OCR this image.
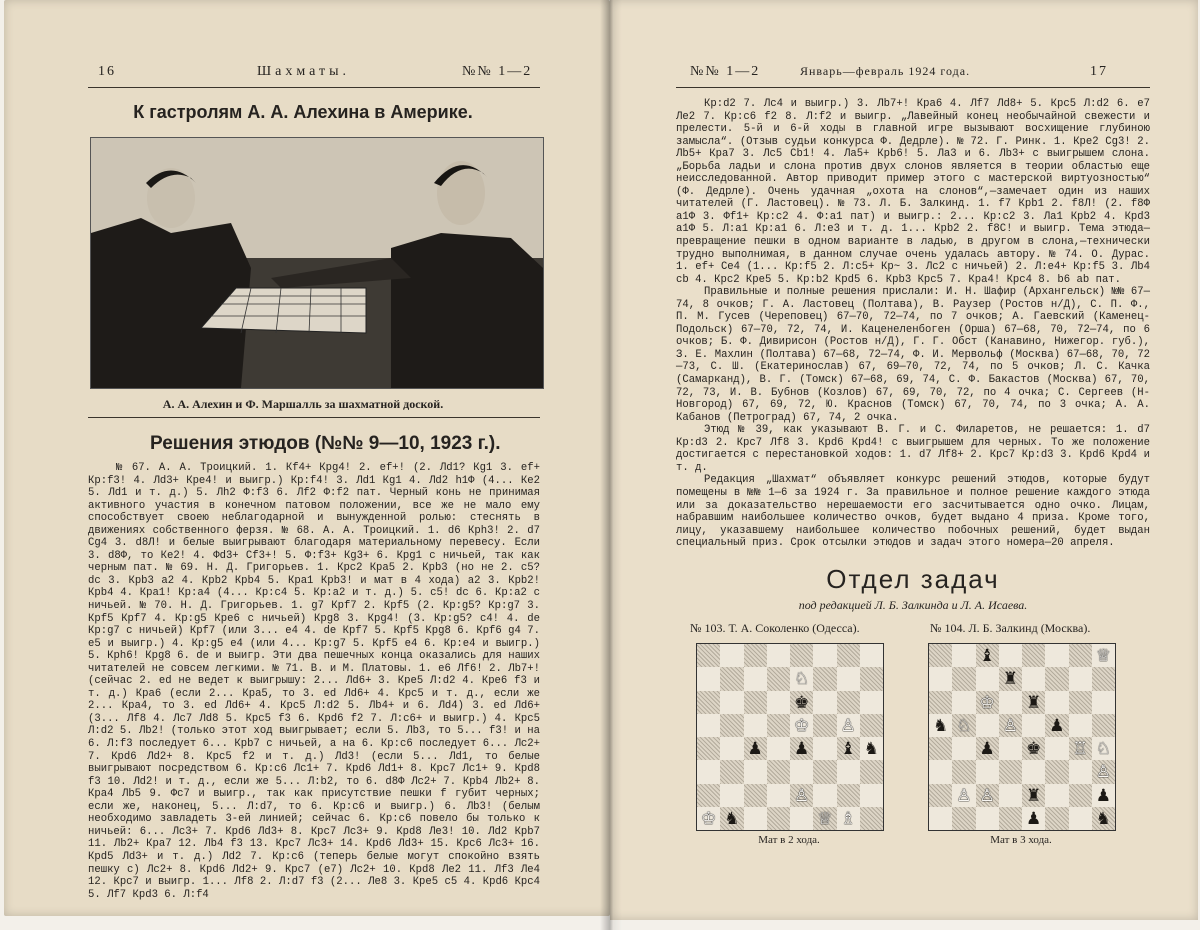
16	Шахматы.	№№ 1—2
К гастролям А. А. Алехина в Америке.
А. А. Алехин и Ф. Маршалль за шахматной доской.
Решения этюдов (№№ 9—10, 1923 г.).

№ 67. А. А. Троицкий. 1. Кf4+ Крg4! 2. ef+! (2. Лd1? Кg1 3. ef+ Кр:f3! 4. Лd3+ Крe4! и выигр.) Кр:f4! 3. Лd1 Кg1 4. Лd2 h1Ф (4... Кe2 5. Лd1 и т. д.) 5. Лh2 Ф:f3 6. Лf2 Ф:f2 пат. Черный конь не принимая активного участия в конечном патовом положении, все же не мало ему способствует своею неблагодарной и вынужденной ролью: стеснять в движениях собственного ферзя. № 68. А. А. Троицкий. 1. d6 Крh3! 2. d7 Сg4 3. d8Л! и белые выигрывают благодаря материальному перевесу. Если 3. d8Ф, то Кe2! 4. Фd3+ Сf3+! 5. Ф:f3+ Кg3+ 6. Крg1 с ничьей, так как черным пат. № 69. Н. Д. Григорьев. 1. Крc2 Крa5 2. Крb3 (но не 2. c5? dc 3. Крb3 a2 4. Крb2 Крb4 5. Крa1 Крb3! и мат в 4 хода) a2 3. Крb2! Крb4 4. Крa1! Кр:a4 (4... Кр:c4 5. Кр:a2 и т. д.) 5. c5! dc 6. Кр:a2 с ничьей. № 70. Н. Д. Григорьев. 1. g7 Крf7 2. Крf5 (2. Кр:g5? Кр:g7 3. Крf5 Крf7 4. Кр:g5 Крe6 с ничьей) Крg8 3. Крg4! (3. Кр:g5? c4! 4. de Кр:g7 с ничьей) Крf7 (или 3... e4 4. de Крf7 5. Крf5 Крg8 6. Крf6 g4 7. e5 и выигр.) 4. Кр:g5 e4 (или 4... Кр:g7 5. Крf5 e4 6. Кр:e4 и выигр.) 5. Крh6! Крg8 6. de и выигр. Эти два пешечных конца оказались для наших читателей не совсем легкими. № 71. В. и М. Платовы. 1. e6 Лf6! 2. Лb7+! (сейчас 2. ed не ведет к выигрышу: 2... Лd6+ 3. Крe5 Л:d2 4. Крe6 f3 и т. д.) Крa6 (если 2... Крa5, то 3. ed Лd6+ 4. Крc5 и т. д., если же 2... Крa4, то 3. ed Лd6+ 4. Крc5 Л:d2 5. Лb4+ и 6. Лd4) 3. ed Лd6+ (3... Лf8 4. Лc7 Лd8 5. Крc5 f3 6. Крd6 f2 7. Л:c6+ и выигр.) 4. Крc5 Л:d2 5. Лb2! (только этот ход выигрывает; если 5. Лb3, то 5... f3! и на 6. Л:f3 последует 6... Крb7 с ничьей, а на 6. Кр:c6 последует 6... Лc2+ 7. Крd6 Лd2+ 8. Крc5 f2 и т. д.) Лd3! (если 5... Лd1, то белые выигрывают посредством 6. Кр:c6 Лc1+ 7. Крd6 Лd1+ 8. Крc7 Лc1+ 9. Крd8 f3 10. Лd2! и т. д., если же 5... Л:b2, то 6. d8Ф Лc2+ 7. Крb4 Лb2+ 8. Крa4 Лb5 9. Фc7 и выигр., так как присутствие пешки f губит черных; если же, наконец, 5... Л:d7, то 6. Кр:c6 и выигр.) 6. Лb3! (белым необходимо завладеть 3-ей линией; сейчас 6. Кр:c6 повело бы только к ничьей: 6... Лc3+ 7. Крd6 Лd3+ 8. Крc7 Лc3+ 9. Крd8 Лe3! 10. Лd2 Крb7 11. Лb2+ Крa7 12. Лb4 f3 13. Крc7 Лc3+ 14. Крd6 Лd3+ 15. Крc6 Лc3+ 16. Крd5 Лd3+ и т. д.) Лd2 7. Кр:c6 (теперь белые могут спокойно взять пешку c) Лc2+ 8. Крd6 Лd2+ 9. Крc7 (e7) Лc2+ 10. Крd8 Лe2 11. Лf3 Лe4 12. Крc7 и выигр. 1... Лf8 2. Л:d7 f3 (2... Лe8 3. Крe5 c5 4. Крd6 Крc4 5. Лf7 Крd3 6. Л:f4

№№ 1—2	Январь—февраль 1924 года.	17

Кр:d2 7. Лc4 и выигр.) 3. Лb7+! Крa6 4. Лf7 Лd8+ 5. Крc5 Л:d2 6. e7 Лe2 7. Кр:c6 f2 8. Л:f2 и выигр. „Лавейный конец необычайной свежести и прелести. 5-й и 6-й ходы в главной игре вызывают восхищение глубиною замысла“. (Отзыв судьи конкурса Ф. Дедрле). № 72. Г. Ринк. 1. Крe2 Сg3! 2. Лb5+ Крa7 3. Лc5 Сb1! 4. Лa5+ Крb6! 5. Лa3 и 6. Лb3+ с выигрышем слона. „Борьба ладьи и слона против двух слонов является в теории областью еще неисследованной. Автор приводит пример этого с мастерской виртуозностью“ (Ф. Дедрле). Очень удачная „охота на слонов“,—замечает один из наших читателей (Г. Ластовец). № 73. Л. Б. Залкинд. 1. f7 Крb1 2. f8Л! (2. f8Ф a1Ф 3. Фf1+ Кр:c2 4. Ф:a1 пат) и выигр.: 2... Кр:c2 3. Лa1 Крb2 4. Крd3 a1Ф 5. Л:a1 Кр:a1 6. Л:e3 и т. д. 1... Крb2 2. f8С! и выигр. Тема этюда—превращение пешки в одном варианте в ладью, в другом в слона,—технически трудно выполнимая, в данном случае очень удалась автору. № 74. О. Дурас. 1. ef+ Сe4 (1... Кр:f5 2. Л:c5+ Кр~ 3. Лc2 с ничьей) 2. Л:e4+ Кр:f5 3. Лb4 cb 4. Крc2 Крe5 5. Кр:b2 Крd5 6. Крb3 Крc5 7. Крa4! Крc4 8. b6 ab пат.

Правильные и полные решения прислали: И. Н. Шафир (Архангельск) №№ 67—74, 8 очков; Г. А. Ластовец (Полтава), В. Раузер (Ростов н/Д), С. П. Ф., П. М. Гусев (Череповец) 67—70, 72—74, по 7 очков; А. Гаевский (Каменец-Подольск) 67—70, 72, 74, И. Каценеленбоген (Орша) 67—68, 70, 72—74, по 6 очков; Б. Ф. Дивирисон (Ростов н/Д), Г. Г. Обст (Канавино, Нижегор. губ.), З. Е. Махлин (Полтава) 67—68, 72—74, Ф. И. Мервольф (Москва) 67—68, 70, 72—73, С. Ш. (Екатеринослав) 67, 69—70, 72, 74, по 5 очков; Л. С. Качка (Самарканд), В. Г. (Томск) 67—68, 69, 74, С. Ф. Бакастов (Москва) 67, 70, 72, 73, И. В. Бубнов (Козлов) 67, 69, 70, 72, по 4 очка; С. Сергеев (Н-Новгород) 67, 69, 72, Ю. Краснов (Томск) 67, 70, 74, по 3 очка; А. А. Кабанов (Петроград) 67, 74, 2 очка.

Этюд № 39, как указывают В. Г. и С. Филаретов, не решается: 1. d7 Кр:d3 2. Крc7 Лf8 3. Крd6 Крd4! с выигрышем для черных. То же положение достигается с перестановкой ходов: 1. d7 Лf8+ 2. Крc7 Кр:d3 3. Крd6 Крd4 и т. д.

Редакция „Шахмат“ объявляет конкурс решений этюдов, которые будут помещены в №№ 1—6 за 1924 г. За правильное и полное решение каждого этюда или за доказательство нерешаемости его засчитывается одно очко. Лицам, набравшим наибольшее количество очков, будет выдано 4 приза. Кроме того, лицу, указавшему наибольшее количество побочных решений, будет выдан специальный приз. Срок отсылки этюдов и задач этого номера—20 апреля.

Отдел задач
под редакцией Л. Б. Залкинда и Л. А. Исаева.
№ 103. Т. А. Соколенко (Одесса).	№ 104. Л. Б. Залкинд (Москва).
♘
♚
♔ ♙
♟ ♟ ♝ ♞
♙
♔ ♞	♕ ♗
♝	♕
♜
♔ ♜
♞ ♘ ♙ ♟
♟ ♚ ♖ ♘
♙
♙ ♙ ♜	♟
♟	♞
Мат в 2 хода.	Мат в 3 хода.
